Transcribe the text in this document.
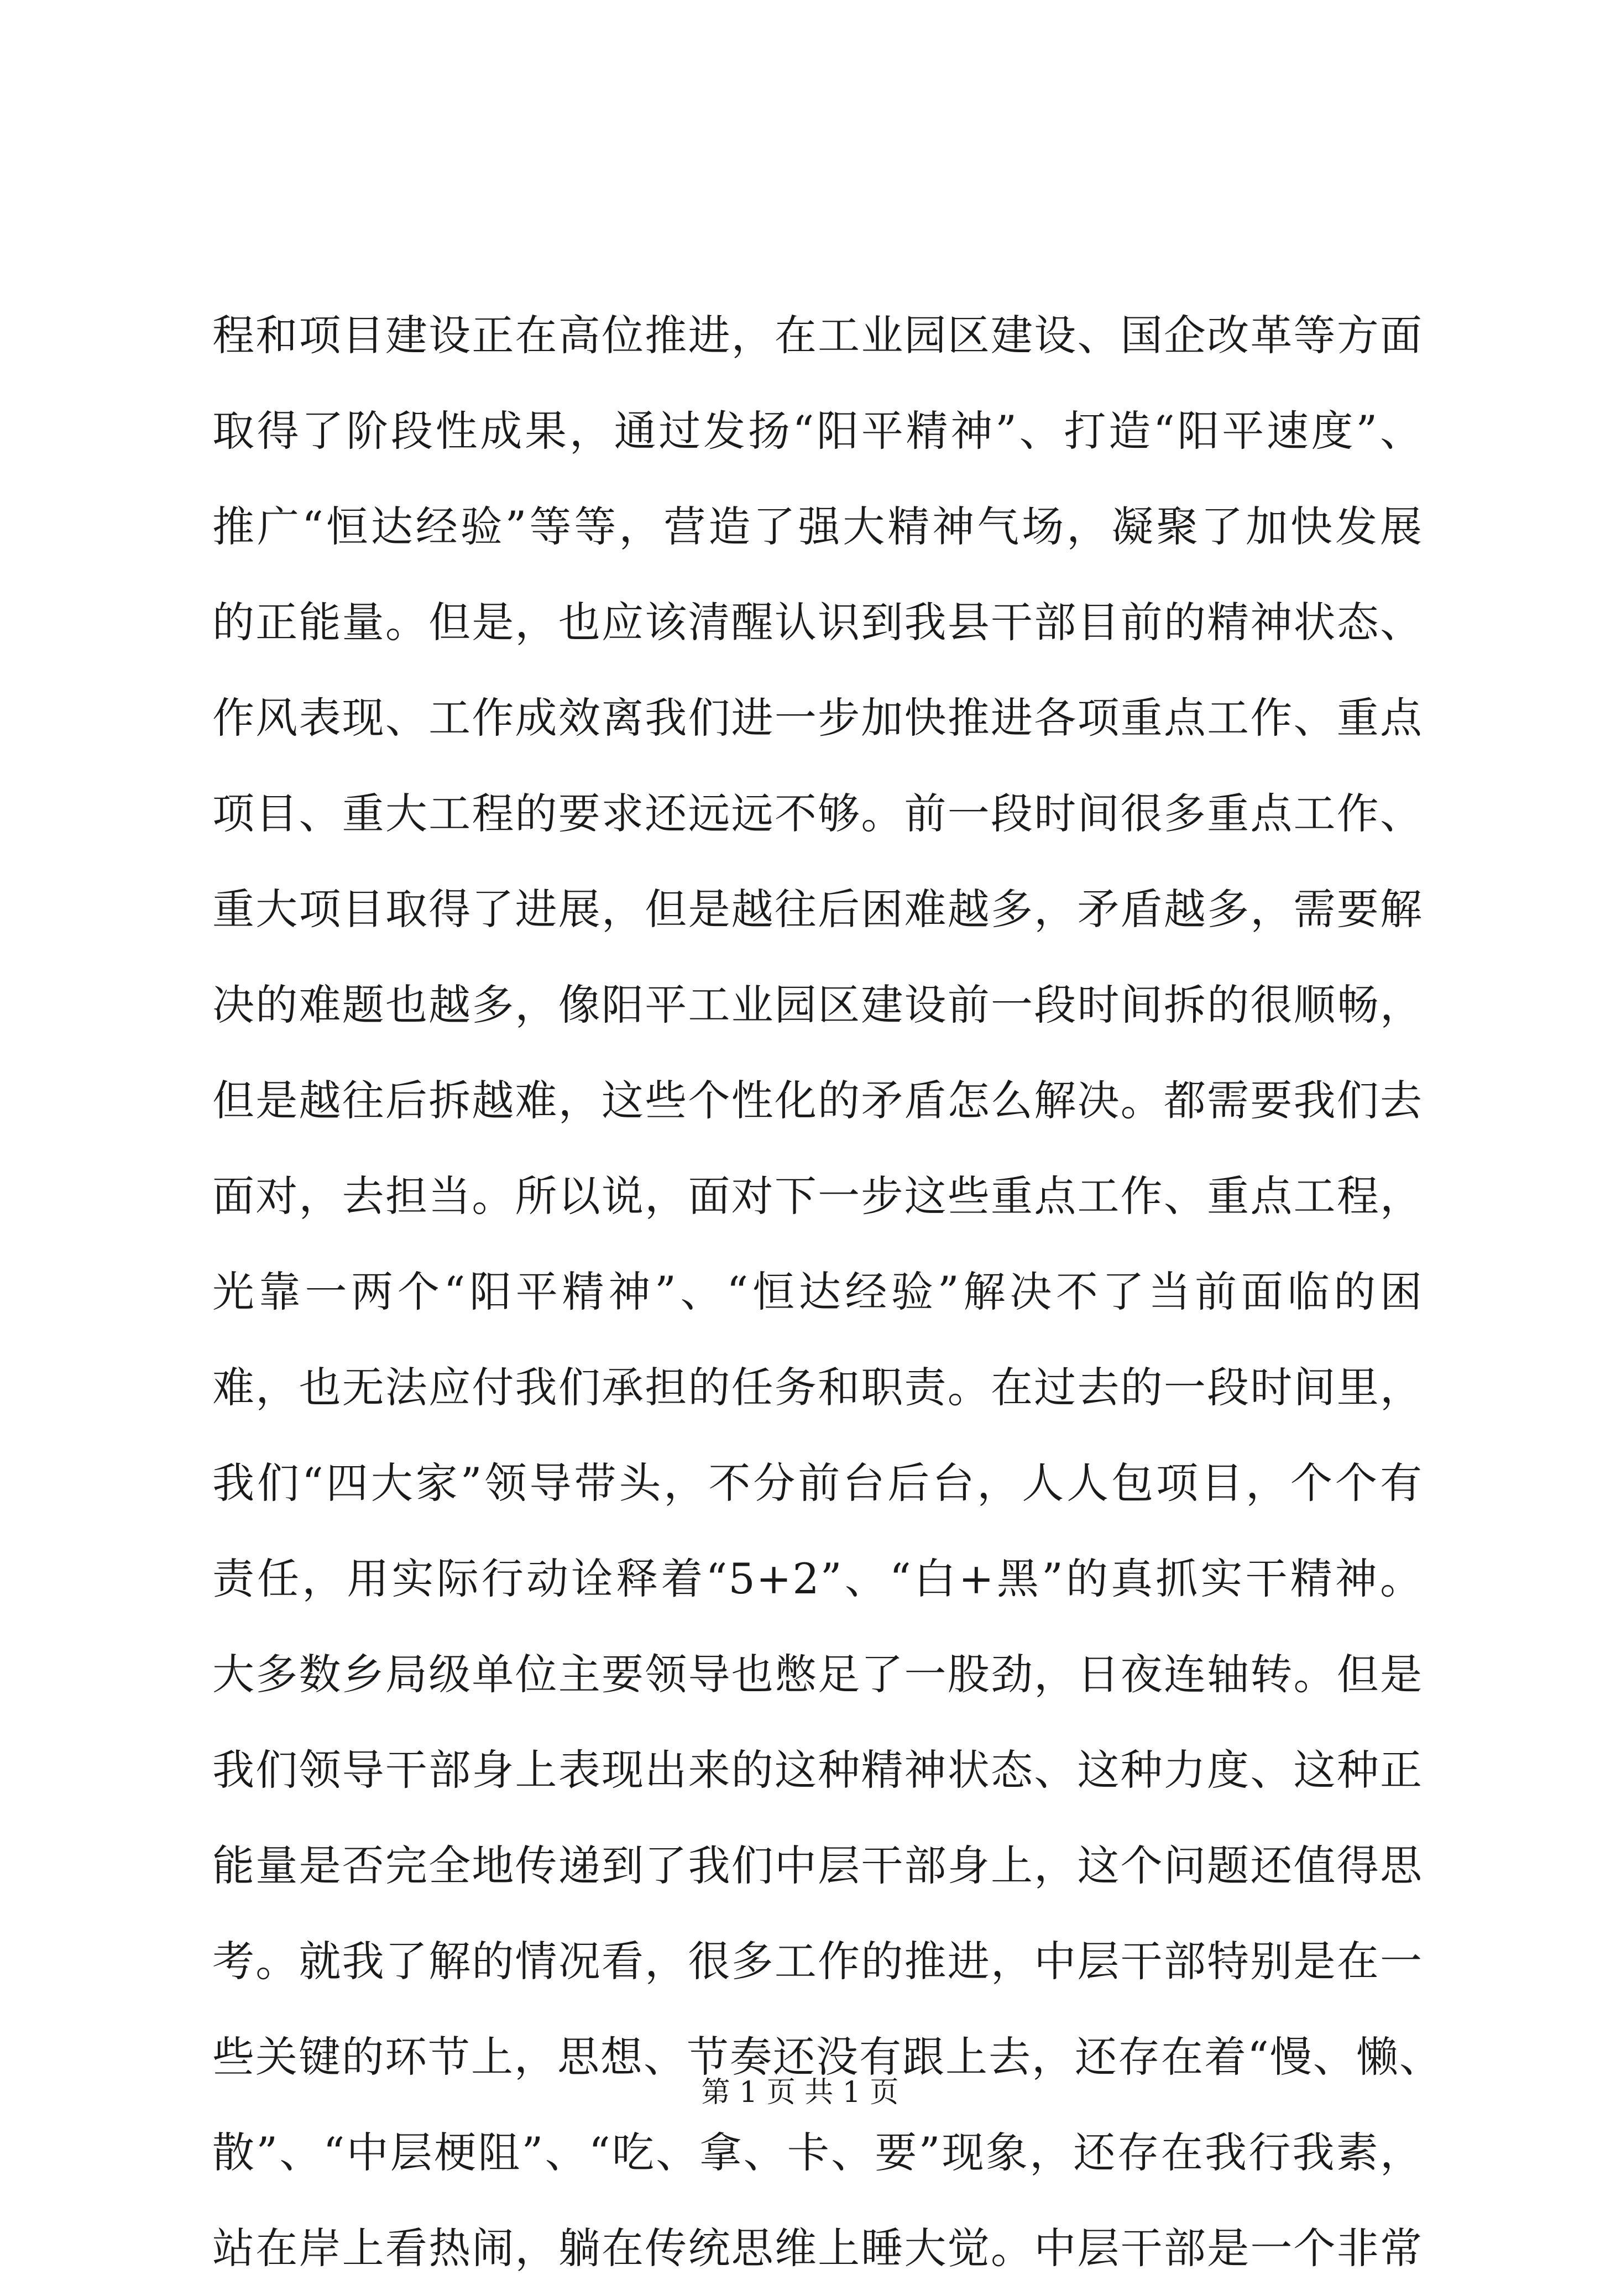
程和项目建设正在高位推进，在工业园区建设、国企改革等方面
取得了阶段性成果，通过发扬“阳平精神”、打造“阳平速度”、
推广“恒达经验”等等，营造了强大精神气场，凝聚了加快发展
的正能量。但是，也应该清醒认识到我县干部目前的精神状态、
作风表现、工作成效离我们进一步加快推进各项重点工作、重点
项目、重大工程的要求还远远不够。前一段时间很多重点工作、
重大项目取得了进展，但是越往后困难越多，矛盾越多，需要解
决的难题也越多，像阳平工业园区建设前一段时间拆的很顺畅，
但是越往后拆越难，这些个性化的矛盾怎么解决。都需要我们去
面对，去担当。所以说，面对下一步这些重点工作、重点工程，
光靠一两个“阳平精神”、“恒达经验”解决不了当前面临的困
难，也无法应付我们承担的任务和职责。在过去的一段时间里，
我们“四大家”领导带头，不分前台后台，人人包项目，个个有
责任，用实际行动诠释着“5+2”、“白+黑”的真抓实干精神。
大多数乡局级单位主要领导也憋足了一股劲，日夜连轴转。但是
我们领导干部身上表现出来的这种精神状态、这种力度、这种正
能量是否完全地传递到了我们中层干部身上，这个问题还值得思
考。就我了解的情况看，很多工作的推进，中层干部特别是在一
些关键的环节上，思想、节奏还没有跟上去，还存在着“慢、懒、
散”、“中层梗阻”、“吃、拿、卡、要”现象，还存在我行我素，
站在岸上看热闹，躺在传统思维上睡大觉。中层干部是一个非常
第 1 页 共 1 页
